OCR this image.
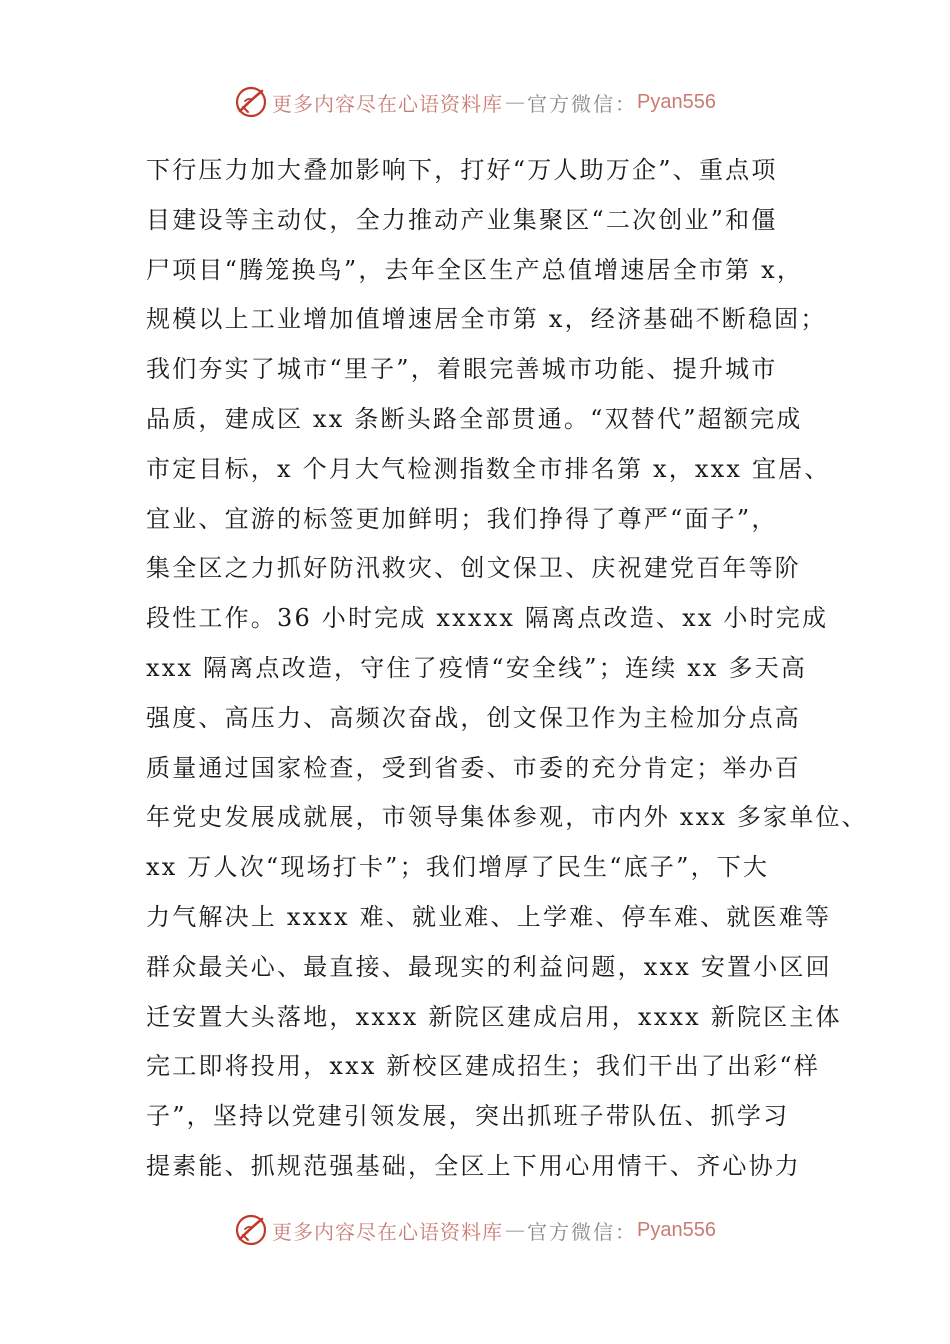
更多内容尽在心语资料库 — 官方微信： Pyan556
下行压力加大叠加影响下，打好“万人助万企”、重点项
目建设等主动仗，全力推动产业集聚区“二次创业”和僵
尸项目“腾笼换鸟”，去年全区生产总值增速居全市第 x，
规模以上工业增加值增速居全市第 x，经济基础不断稳固；
我们夯实了城市“里子”，着眼完善城市功能、提升城市
品质，建成区 xx 条断头路全部贯通。“双替代”超额完成
市定目标，x 个月大气检测指数全市排名第 x，xxx 宜居、
宜业、宜游的标签更加鲜明；我们挣得了尊严“面子”，
集全区之力抓好防汛救灾、创文保卫、庆祝建党百年等阶
段性工作。36 小时完成 xxxxx 隔离点改造、xx 小时完成
xxx 隔离点改造，守住了疫情“安全线”；连续 xx 多天高
强度、高压力、高频次奋战，创文保卫作为主检加分点高
质量通过国家检查，受到省委、市委的充分肯定；举办百
年党史发展成就展，市领导集体参观，市内外 xxx 多家单位、
xx 万人次“现场打卡”；我们增厚了民生“底子”，下大
力气解决上 xxxx 难、就业难、上学难、停车难、就医难等
群众最关心、最直接、最现实的利益问题，xxx 安置小区回
迁安置大头落地，xxxx 新院区建成启用，xxxx 新院区主体
完工即将投用，xxx 新校区建成招生；我们干出了出彩“样
子”，坚持以党建引领发展，突出抓班子带队伍、抓学习
提素能、抓规范强基础，全区上下用心用情干、齐心协力
更多内容尽在心语资料库 — 官方微信： Pyan556
